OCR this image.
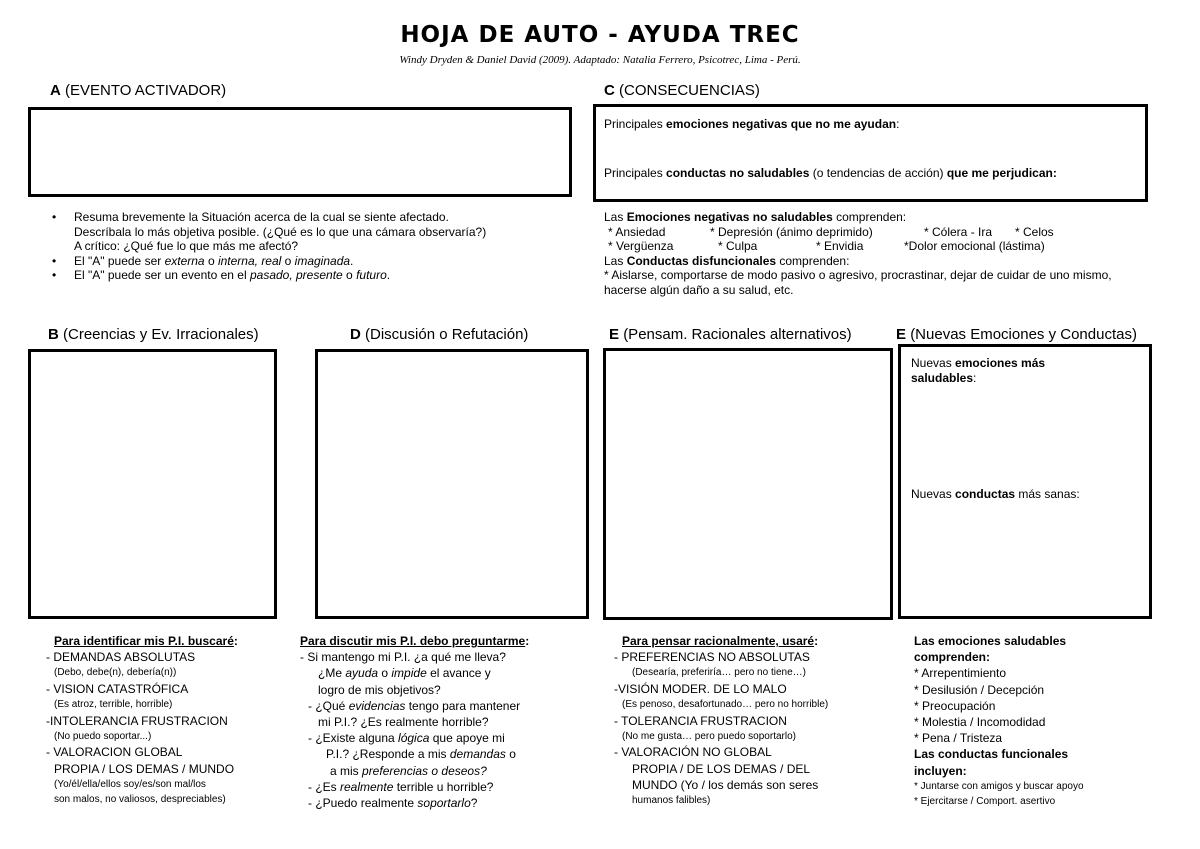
HOJA DE AUTO - AYUDA TREC
Windy Dryden & Daniel David (2009). Adaptado: Natalia Ferrero, Psicotrec, Lima - Perú.
A (EVENTO ACTIVADOR)
• Resuma brevemente la Situación acerca de la cual se siente afectado.
Descríbala lo más objetiva posible. (¿Qué es lo que una cámara observaría?)
A crítico: ¿Qué fue lo que más me afectó?
• El "A" puede ser externa o interna, real o imaginada.
• El "A" puede ser un evento en el pasado, presente o futuro.
C (CONSECUENCIAS)
Principales emociones negativas que no me ayudan:
Principales conductas no saludables (o tendencias de acción) que me perjudican:
Las Emociones negativas no saludables comprenden:
* Ansiedad	* Depresión (ánimo deprimido)	* Cólera - Ira * Celos
* Vergüenza	* Culpa	* Envidia	*Dolor emocional (lástima)
Las Conductas disfuncionales comprenden:
* Aislarse, comportarse de modo pasivo o agresivo, procrastinar, dejar de cuidar de uno mismo, hacerse algún daño a su salud, etc.
B (Creencias y Ev. Irracionales)
Para identificar mis P.I. buscaré:
- DEMANDAS ABSOLUTAS
(Debo, debe(n), debería(n))
- VISION CATASTRÓFICA
(Es atroz, terrible, horrible)
-INTOLERANCIA FRUSTRACION
(No puedo soportar...)
- VALORACION GLOBAL
PROPIA / LOS DEMAS / MUNDO
(Yo/él/ella/ellos soy/es/son mal/los
son malos, no valiosos, despreciables)
D (Discusión o Refutación)
Para discutir mis P.I. debo preguntarme:
- Si mantengo mi P.I. ¿a qué me lleva?
¿Me ayuda o impide el avance y
logro de mis objetivos?
- ¿Qué evidencias tengo para mantener
mi P.I.? ¿Es realmente horrible?
- ¿Existe alguna lógica que apoye mi
P.I.? ¿Responde a mis demandas o
a mis preferencias o deseos?
- ¿Es realmente terrible u horrible?
- ¿Puedo realmente soportarlo?
E (Pensam. Racionales alternativos)
Para pensar racionalmente, usaré:
- PREFERENCIAS NO ABSOLUTAS
(Desearía, preferiría… pero no tiene…)
-VISIÓN MODER. DE LO MALO
(Es penoso, desafortunado… pero no horrible)
- TOLERANCIA FRUSTRACION
(No me gusta… pero puedo soportarlo)
- VALORACIÓN NO GLOBAL
PROPIA / DE LOS DEMAS / DEL
MUNDO (Yo / los demás son seres
humanos falibles)
E (Nuevas Emociones y Conductas)
Nuevas emociones más saludables:
Nuevas conductas más sanas:
Las emociones saludables comprenden:
* Arrepentimiento
* Desilusión / Decepción
* Preocupación
* Molestia / Incomodidad
* Pena / Tristeza
Las conductas funcionales incluyen:
* Juntarse con amigos y buscar apoyo
* Ejercitarse / Comport. asertivo
